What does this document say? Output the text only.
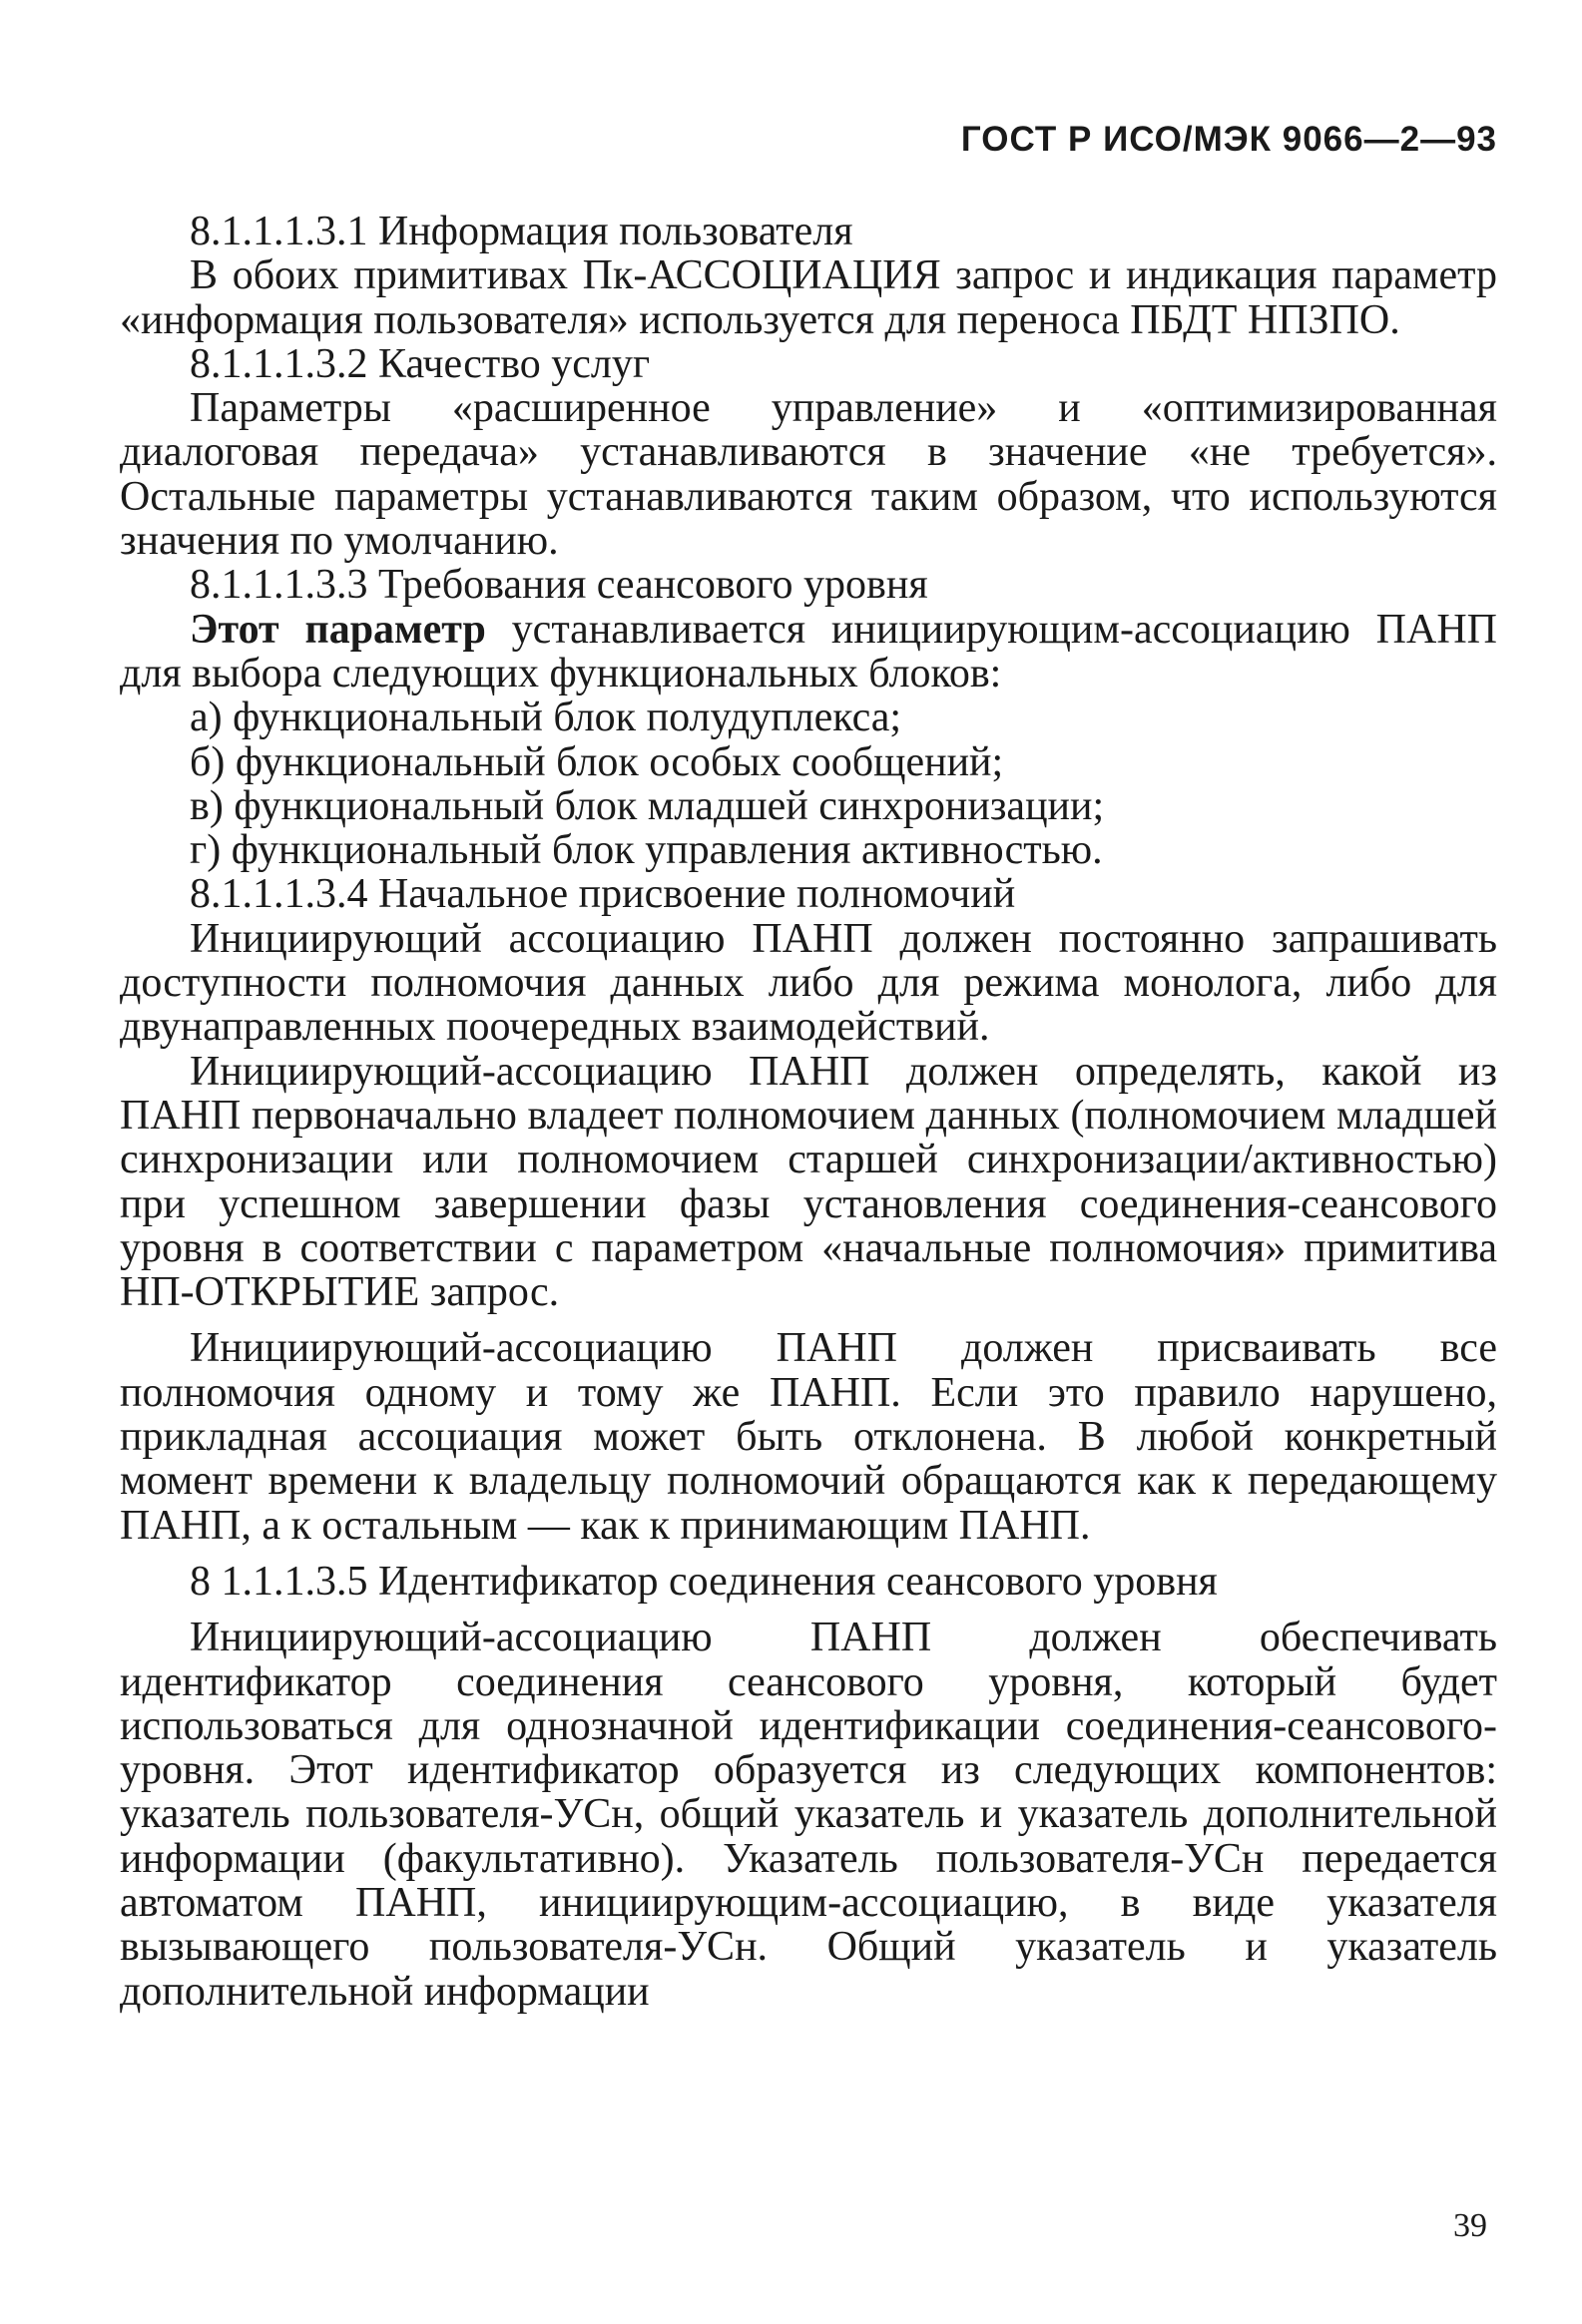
ГОСТ Р ИСО/МЭК 9066—2—93

8.1.1.1.3.1 Информация пользователя

В обоих примитивах Пк-АССОЦИАЦИЯ запрос и индикация параметр «информация пользователя» используется для переноса ПБДТ НПЗПО.

8.1.1.1.3.2 Качество услуг

Параметры «расширенное управление» и «оптимизированная диалоговая передача» устанавливаются в значение «не требуется». Остальные параметры устанавливаются таким образом, что используются значения по умолчанию.

8.1.1.1.3.3 Требования сеансового уровня

Этот параметр устанавливается инициирующим-ассоциацию ПАНП для выбора следующих функциональных блоков:

а) функциональный блок полудуплекса;

б) функциональный блок особых сообщений;

в) функциональный блок младшей синхронизации;

г) функциональный блок управления активностью.

8.1.1.1.3.4 Начальное присвоение полномочий

Инициирующий ассоциацию ПАНП должен постоянно запрашивать доступности полномочия данных либо для режима монолога, либо для двунаправленных поочередных взаимодействий.

Инициирующий-ассоциацию ПАНП должен определять, какой из ПАНП первоначально владеет полномочием данных (полномочием младшей синхронизации или полномочием старшей синхронизации/активностью) при успешном завершении фазы установления соединения-сеансового уровня в соответствии с параметром «начальные полномочия» примитива НП-ОТКРЫТИЕ запрос.

Инициирующий-ассоциацию ПАНП должен присваивать все полномочия одному и тому же ПАНП. Если это правило нарушено, прикладная ассоциация может быть отклонена. В любой конкретный момент времени к владельцу полномочий обращаются как к передающему ПАНП, а к остальным — как к принимающим ПАНП.

8 1.1.1.3.5 Идентификатор соединения сеансового уровня

Инициирующий-ассоциацию ПАНП должен обеспечивать идентификатор соединения сеансового уровня, который будет использоваться для однозначной идентификации соединения-сеансового-уровня. Этот идентификатор образуется из следующих компонентов: указатель пользователя-УСн, общий указатель и указатель дополнительной информации (факультативно). Указатель пользователя-УСн передается автоматом ПАНП, инициирующим-ассоциацию, в виде указателя вызывающего пользователя-УСн. Общий указатель и указатель дополнительной информации

39
